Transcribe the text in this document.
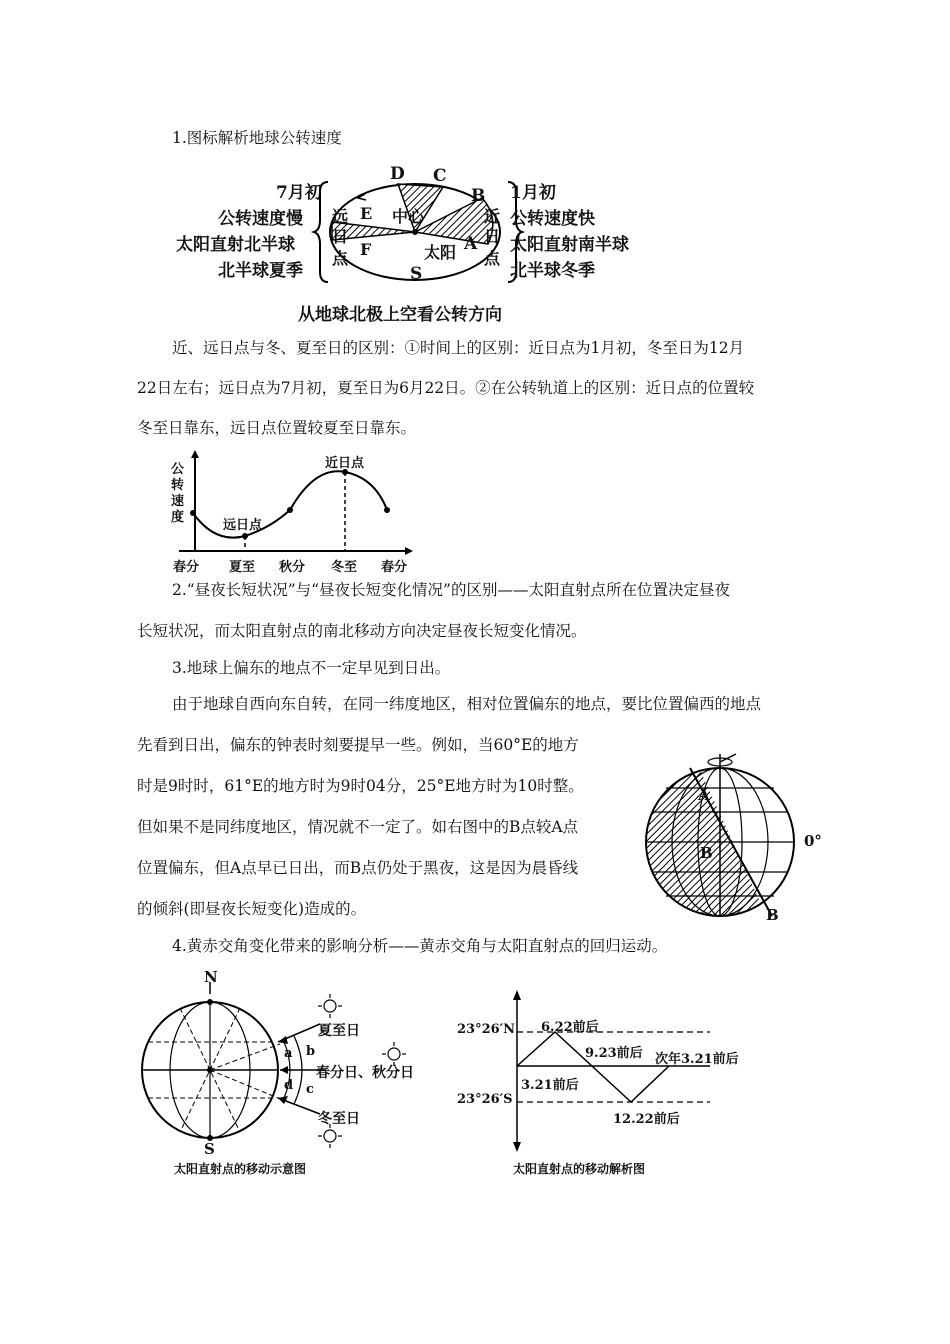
1.图标解析地球公转速度
7月初
公转速度慢
太阳直射北半球
北半球夏季
D C
B
E 中心
F	太阳 A
S
远
日
点
近
日
点
1月初
公转速度快
太阳直射南半球
北半球冬季
从地球北极上空看公转方向
近、远日点与冬、夏至日的区别：①时间上的区别：近日点为1月初，冬至日为12月
22日左右；远日点为7月初，夏至日为6月22日。②在公转轨道上的区别：近日点的位置较
冬至日靠东，远日点位置较夏至日靠东。
公
转
速
度
远日点
近日点
春分 夏至 秋分 冬至 春分
2.“昼夜长短状况”与“昼夜长短变化情况”的区别——太阳直射点所在位置决定昼夜
长短状况，而太阳直射点的南北移动方向决定昼夜长短变化情况。
3.地球上偏东的地点不一定早见到日出。
由于地球自西向东自转，在同一纬度地区，相对位置偏东的地点，要比位置偏西的地点
先看到日出，偏东的钟表时刻要提早一些。例如，当60°E的地方
时是9时时，61°E的地方时为9时04分，25°E地方时为10时整。
但如果不是同纬度地区，情况就不一定了。如右图中的B点较A点
位置偏东，但A点早已日出，而B点仍处于黑夜，这是因为晨昏线
的倾斜(即昼夜长短变化)造成的。
A
B
B
0°
4.黄赤交角变化带来的影响分析——黄赤交角与太阳直射点的回归运动。
N
S
夏至日
春分日、秋分日
冬至日
a b
d c
太阳直射点的移动示意图
23°26′N
23°26′S
6.22前后
9.23前后
3.21前后
次年3.21前后
12.22前后
太阳直射点的移动解析图
